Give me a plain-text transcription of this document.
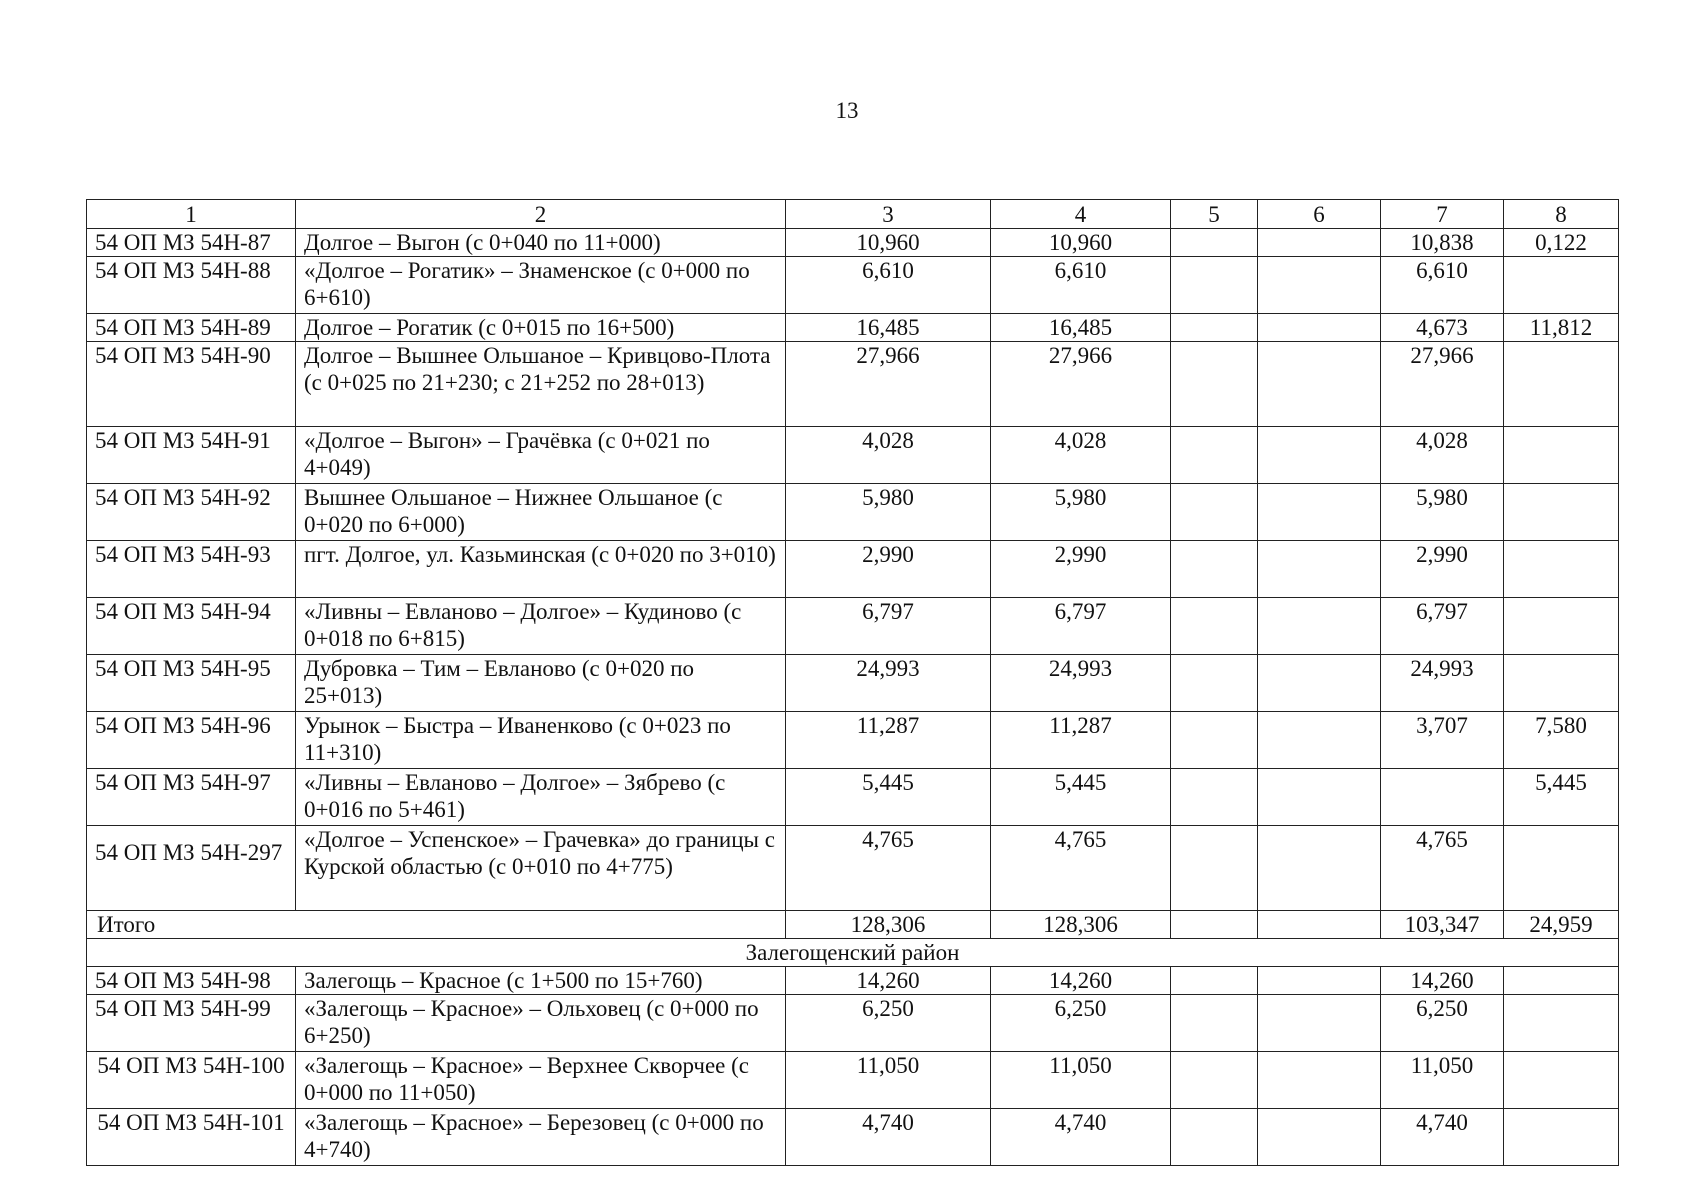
13
1	2	3	4	5	6	7	8
54 ОП МЗ 54Н-87	Долгое – Выгон (с 0+040 по 11+000)	10,960	10,960			10,838	0,122
54 ОП МЗ 54Н-88	«Долгое – Рогатик» – Знаменское (с 0+000 по 6+610)	6,610	6,610			6,610	
54 ОП МЗ 54Н-89	Долгое – Рогатик (с 0+015 по 16+500)	16,485	16,485			4,673	11,812
54 ОП МЗ 54Н-90	Долгое – Вышнее Ольшаное – Кривцово-Плота (с 0+025 по 21+230; с 21+252 по 28+013)	27,966	27,966			27,966	
54 ОП МЗ 54Н-91	«Долгое – Выгон» – Грачёвка (с 0+021 по 4+049)	4,028	4,028			4,028	
54 ОП МЗ 54Н-92	Вышнее Ольшаное – Нижнее Ольшаное (с 0+020 по 6+000)	5,980	5,980			5,980	
54 ОП МЗ 54Н-93	пгт. Долгое, ул. Казьминская (с 0+020 по 3+010)	2,990	2,990			2,990	
54 ОП МЗ 54Н-94	«Ливны – Евланово – Долгое» – Кудиново (с 0+018 по 6+815)	6,797	6,797			6,797	
54 ОП МЗ 54Н-95	Дубровка – Тим – Евланово (с 0+020 по 25+013)	24,993	24,993			24,993	
54 ОП МЗ 54Н-96	Урынок – Быстра – Иваненково (с 0+023 по 11+310)	11,287	11,287			3,707	7,580
54 ОП МЗ 54Н-97	«Ливны – Евланово – Долгое» – Зябрево (с 0+016 по 5+461)	5,445	5,445				5,445
54 ОП МЗ 54Н-297	«Долгое – Успенское» – Грачевка» до границы с Курской областью (с 0+010 по 4+775)	4,765	4,765			4,765	
Итого		128,306	128,306			103,347	24,959
Залегощенский район							
54 ОП МЗ 54Н-98	Залегощь – Красное (с 1+500 по 15+760)	14,260	14,260			14,260	
54 ОП МЗ 54Н-99	«Залегощь – Красное» – Ольховец (с 0+000 по 6+250)	6,250	6,250			6,250	
54 ОП МЗ 54Н-100	«Залегощь – Красное» – Верхнее Скворчее (с 0+000 по 11+050)	11,050	11,050			11,050	
54 ОП МЗ 54Н-101	«Залегощь – Красное» – Березовец (с 0+000 по 4+740)	4,740	4,740			4,740	
